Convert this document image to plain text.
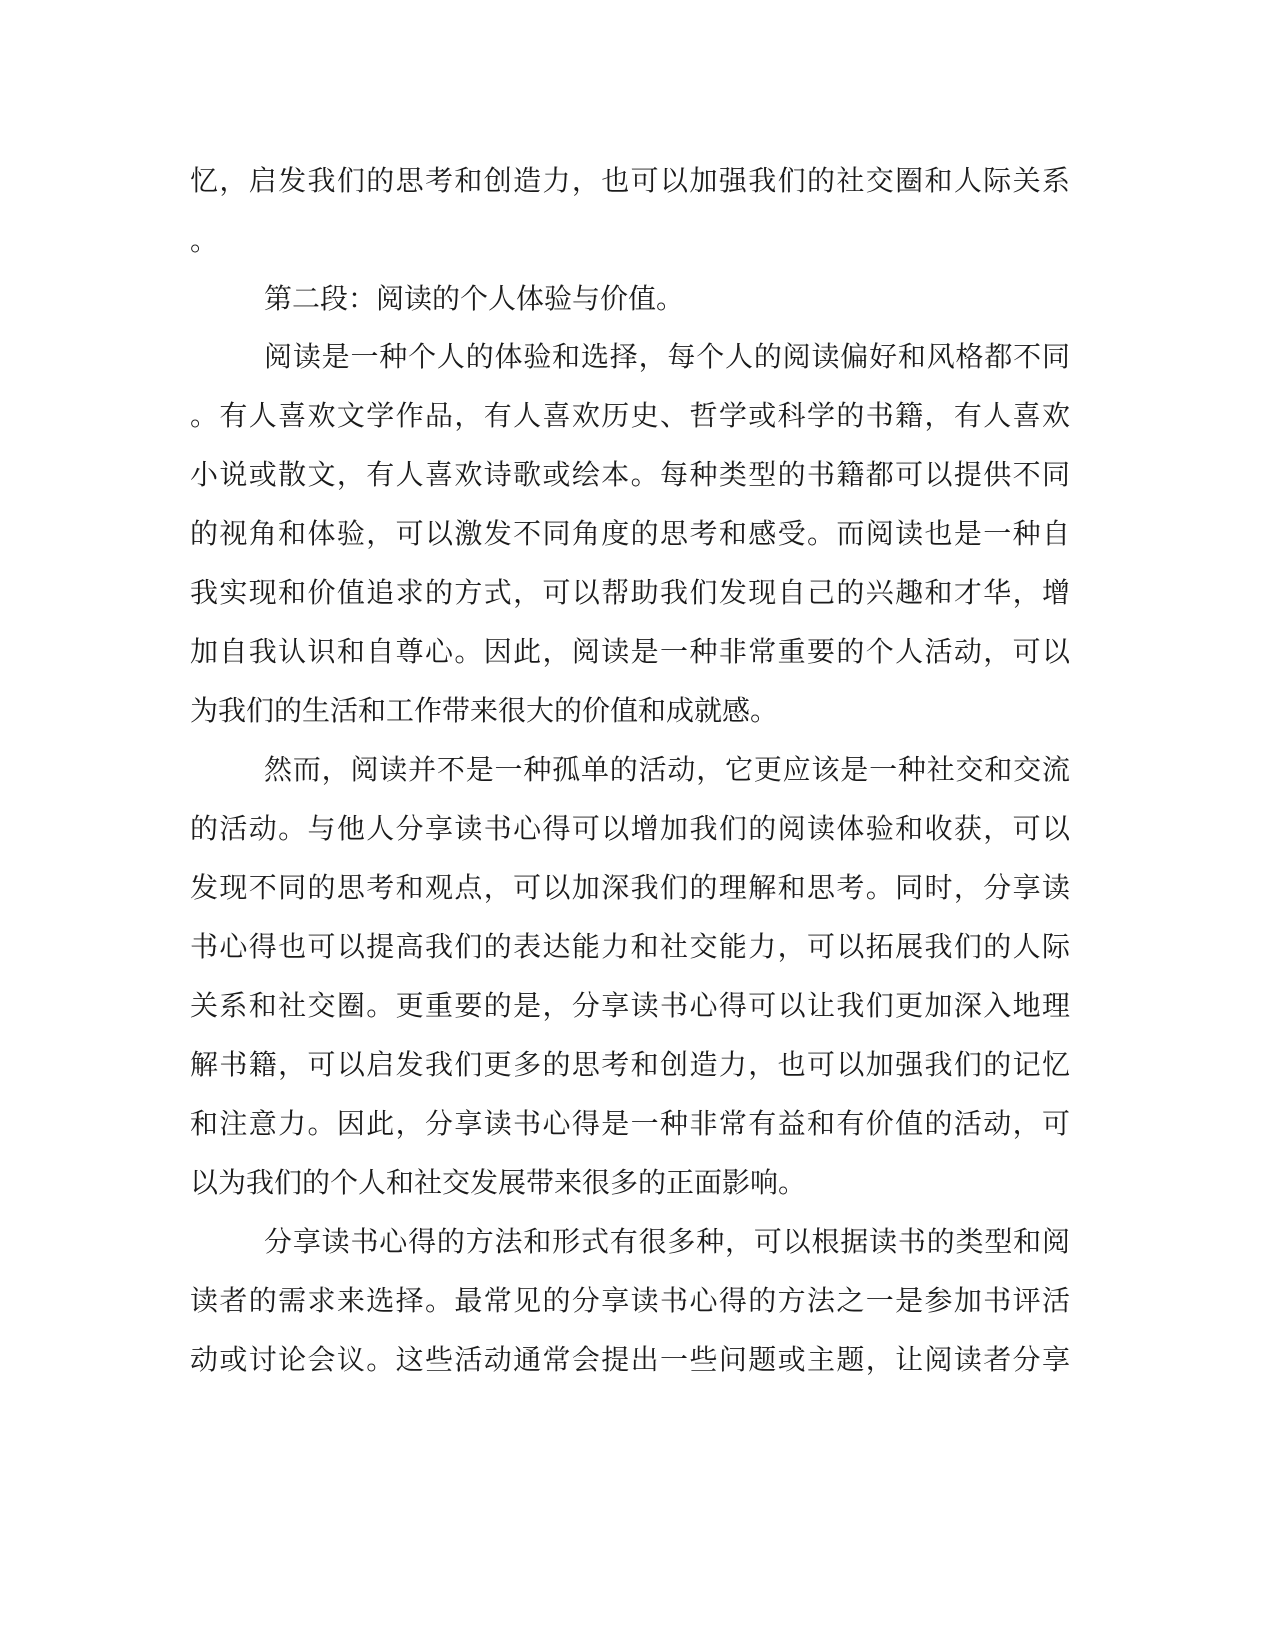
忆，启发我们的思考和创造力，也可以加强我们的社交圈和人际关系
。
第二段：阅读的个人体验与价值。
阅读是一种个人的体验和选择，每个人的阅读偏好和风格都不同
。有人喜欢文学作品，有人喜欢历史、哲学或科学的书籍，有人喜欢
小说或散文，有人喜欢诗歌或绘本。每种类型的书籍都可以提供不同
的视角和体验，可以激发不同角度的思考和感受。而阅读也是一种自
我实现和价值追求的方式，可以帮助我们发现自己的兴趣和才华，增
加自我认识和自尊心。因此，阅读是一种非常重要的个人活动，可以
为我们的生活和工作带来很大的价值和成就感。
然而，阅读并不是一种孤单的活动，它更应该是一种社交和交流
的活动。与他人分享读书心得可以增加我们的阅读体验和收获，可以
发现不同的思考和观点，可以加深我们的理解和思考。同时，分享读
书心得也可以提高我们的表达能力和社交能力，可以拓展我们的人际
关系和社交圈。更重要的是，分享读书心得可以让我们更加深入地理
解书籍，可以启发我们更多的思考和创造力，也可以加强我们的记忆
和注意力。因此，分享读书心得是一种非常有益和有价值的活动，可
以为我们的个人和社交发展带来很多的正面影响。
分享读书心得的方法和形式有很多种，可以根据读书的类型和阅
读者的需求来选择。最常见的分享读书心得的方法之一是参加书评活
动或讨论会议。这些活动通常会提出一些问题或主题，让阅读者分享
